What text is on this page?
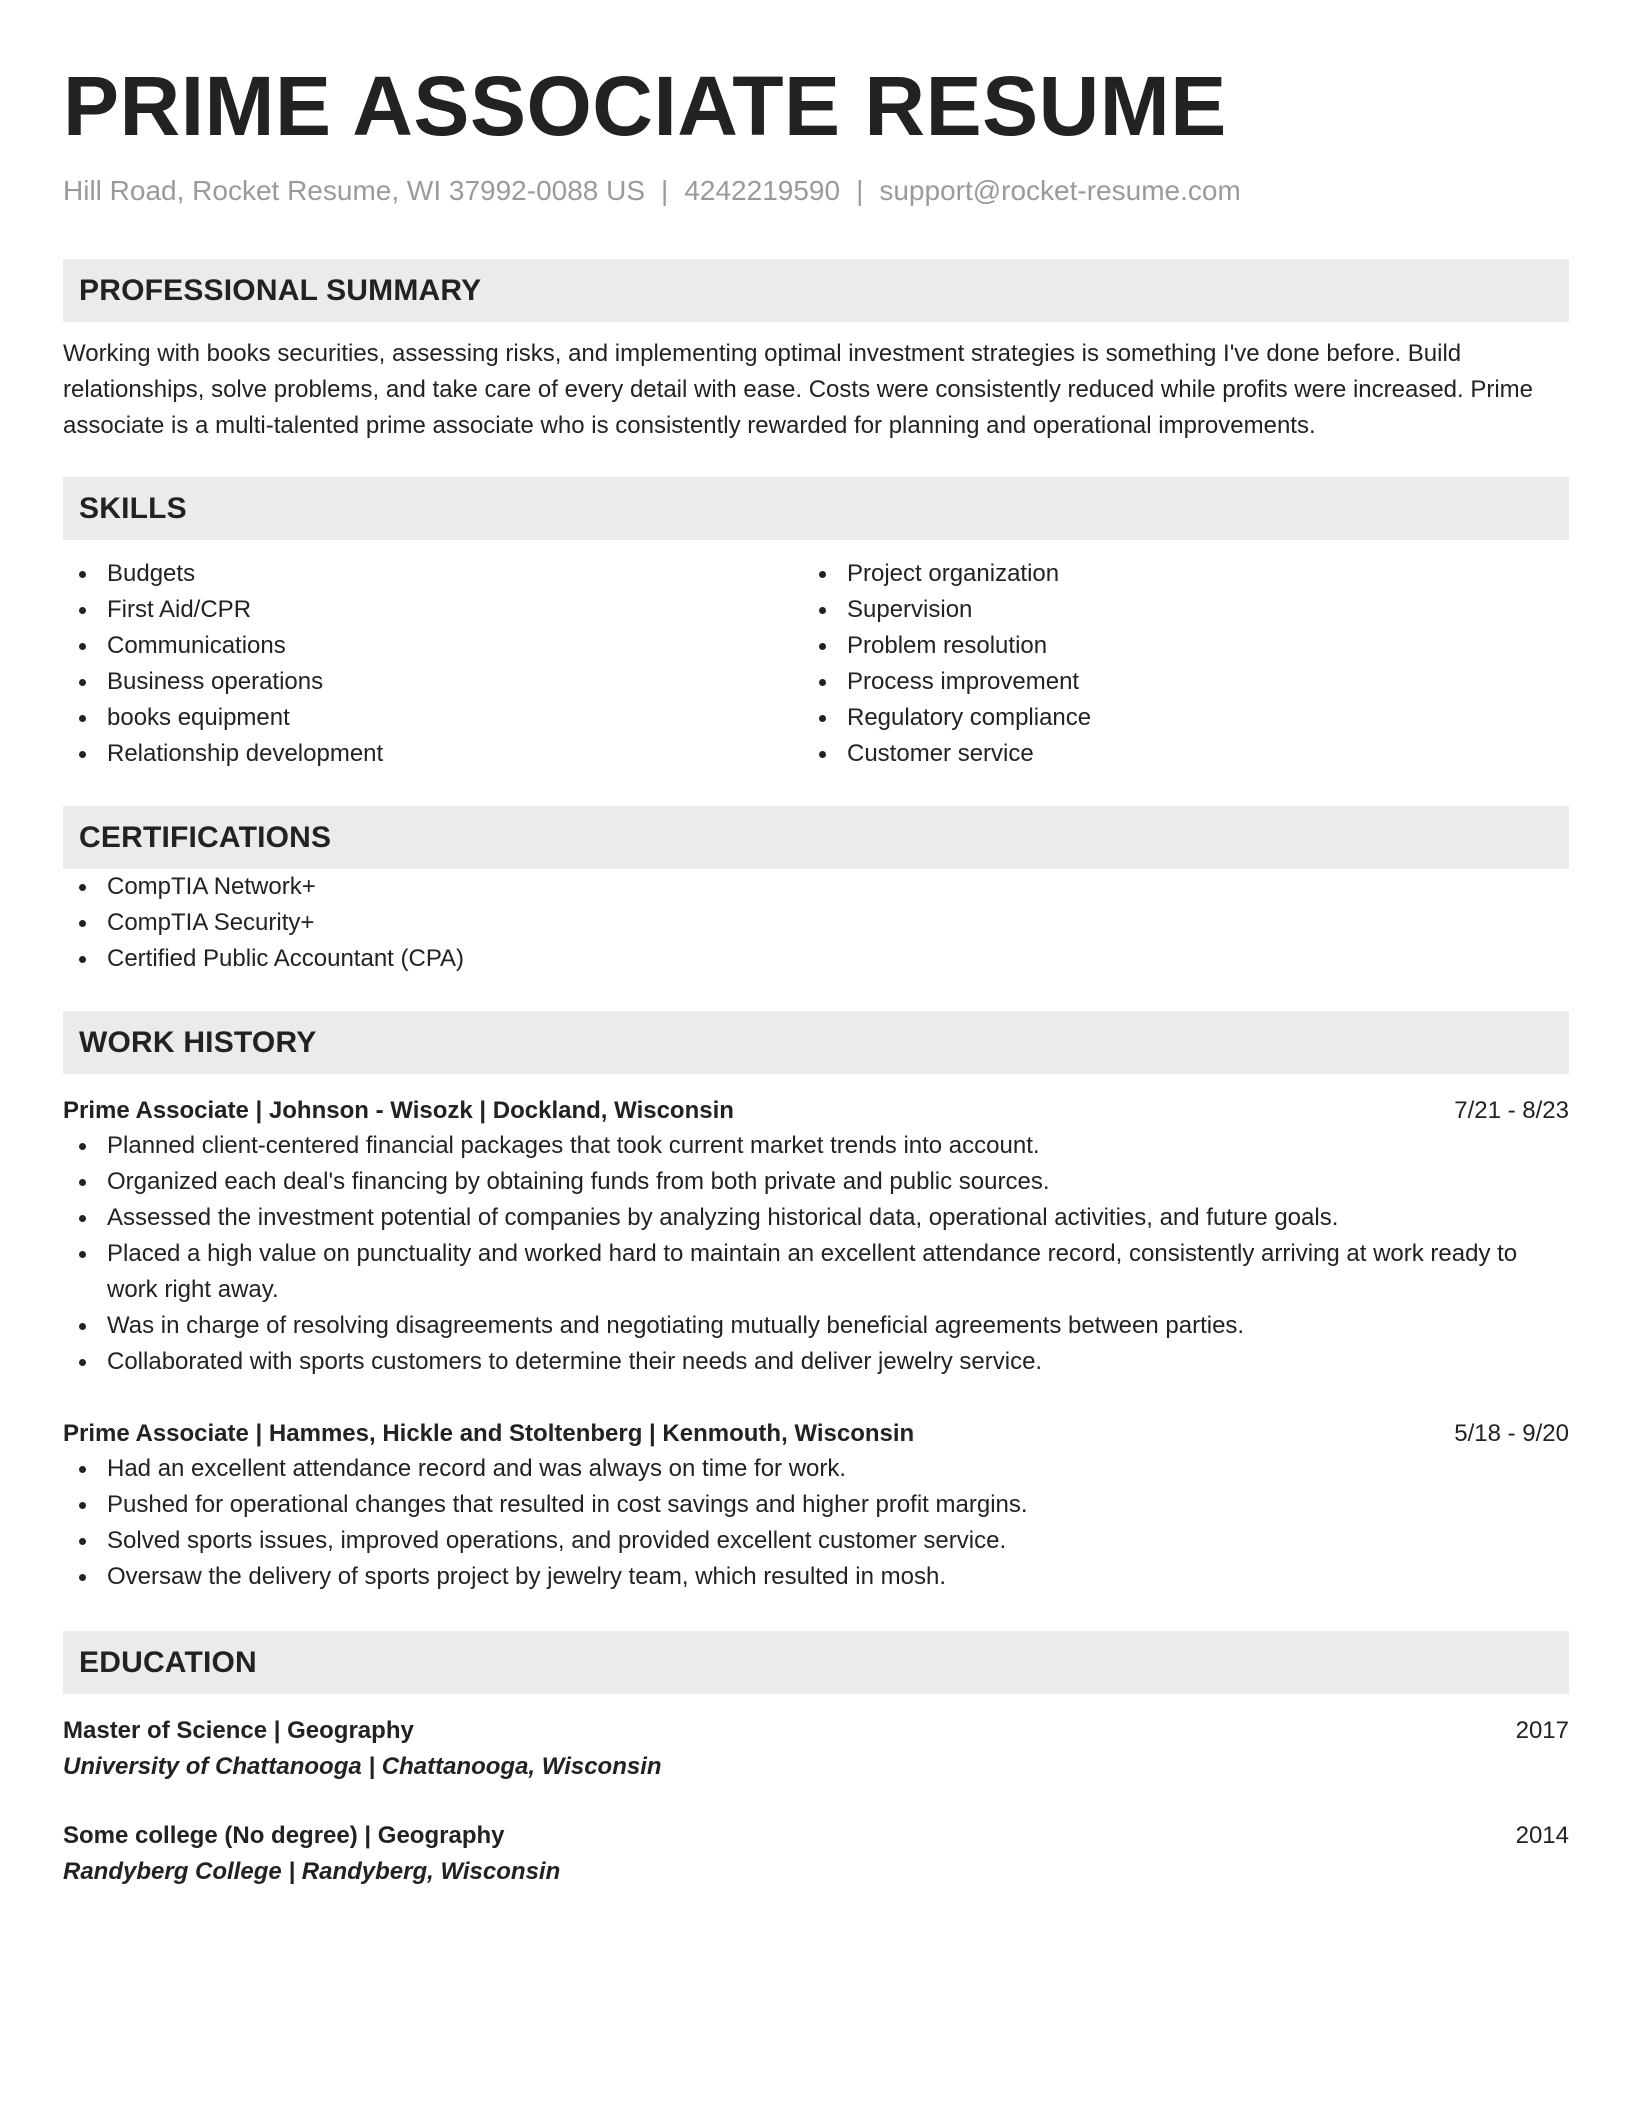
PRIME ASSOCIATE RESUME
Hill Road, Rocket Resume, WI 37992-0088 US | 4242219590 | support@rocket-resume.com
PROFESSIONAL SUMMARY
Working with books securities, assessing risks, and implementing optimal investment strategies is something I've done before. Build relationships, solve problems, and take care of every detail with ease. Costs were consistently reduced while profits were increased. Prime associate is a multi-talented prime associate who is consistently rewarded for planning and operational improvements.
SKILLS
Budgets
First Aid/CPR
Communications
Business operations
books equipment
Relationship development
Project organization
Supervision
Problem resolution
Process improvement
Regulatory compliance
Customer service
CERTIFICATIONS
CompTIA Network+
CompTIA Security+
Certified Public Accountant (CPA)
WORK HISTORY
Prime Associate | Johnson - Wisozk | Dockland, Wisconsin	7/21 - 8/23
Planned client-centered financial packages that took current market trends into account.
Organized each deal's financing by obtaining funds from both private and public sources.
Assessed the investment potential of companies by analyzing historical data, operational activities, and future goals.
Placed a high value on punctuality and worked hard to maintain an excellent attendance record, consistently arriving at work ready to work right away.
Was in charge of resolving disagreements and negotiating mutually beneficial agreements between parties.
Collaborated with sports customers to determine their needs and deliver jewelry service.
Prime Associate | Hammes, Hickle and Stoltenberg | Kenmouth, Wisconsin	5/18 - 9/20
Had an excellent attendance record and was always on time for work.
Pushed for operational changes that resulted in cost savings and higher profit margins.
Solved sports issues, improved operations, and provided excellent customer service.
Oversaw the delivery of sports project by jewelry team, which resulted in mosh.
EDUCATION
Master of Science | Geography	2017
University of Chattanooga | Chattanooga, Wisconsin
Some college (No degree) | Geography	2014
Randyberg College | Randyberg, Wisconsin
